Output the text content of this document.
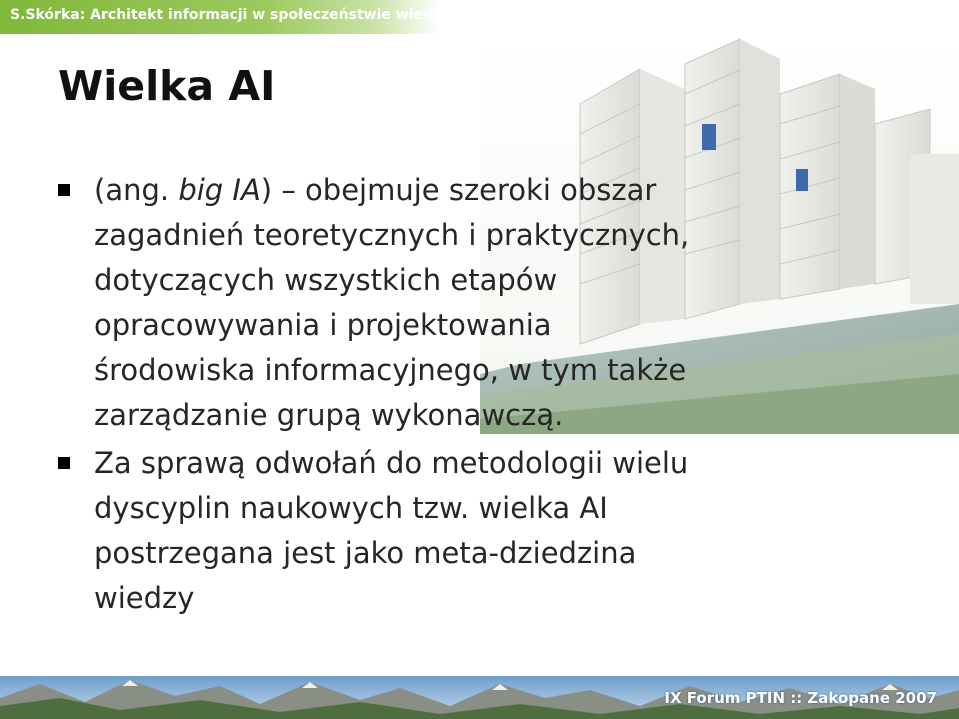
S.Skórka: Architekt informacji w społeczeństwie wiedzy
Wielka AI
(ang. big IA) – obejmuje szeroki obszar
zagadnień teoretycznych i praktycznych,
dotyczących wszystkich etapów
opracowywania i projektowania
środowiska informacyjnego, w tym także
zarządzanie grupą wykonawczą.
Za sprawą odwołań do metodologii wielu
dyscyplin naukowych tzw. wielka AI
postrzegana jest jako meta-dziedzina
wiedzy
IX Forum PTIN :: Zakopane 2007
